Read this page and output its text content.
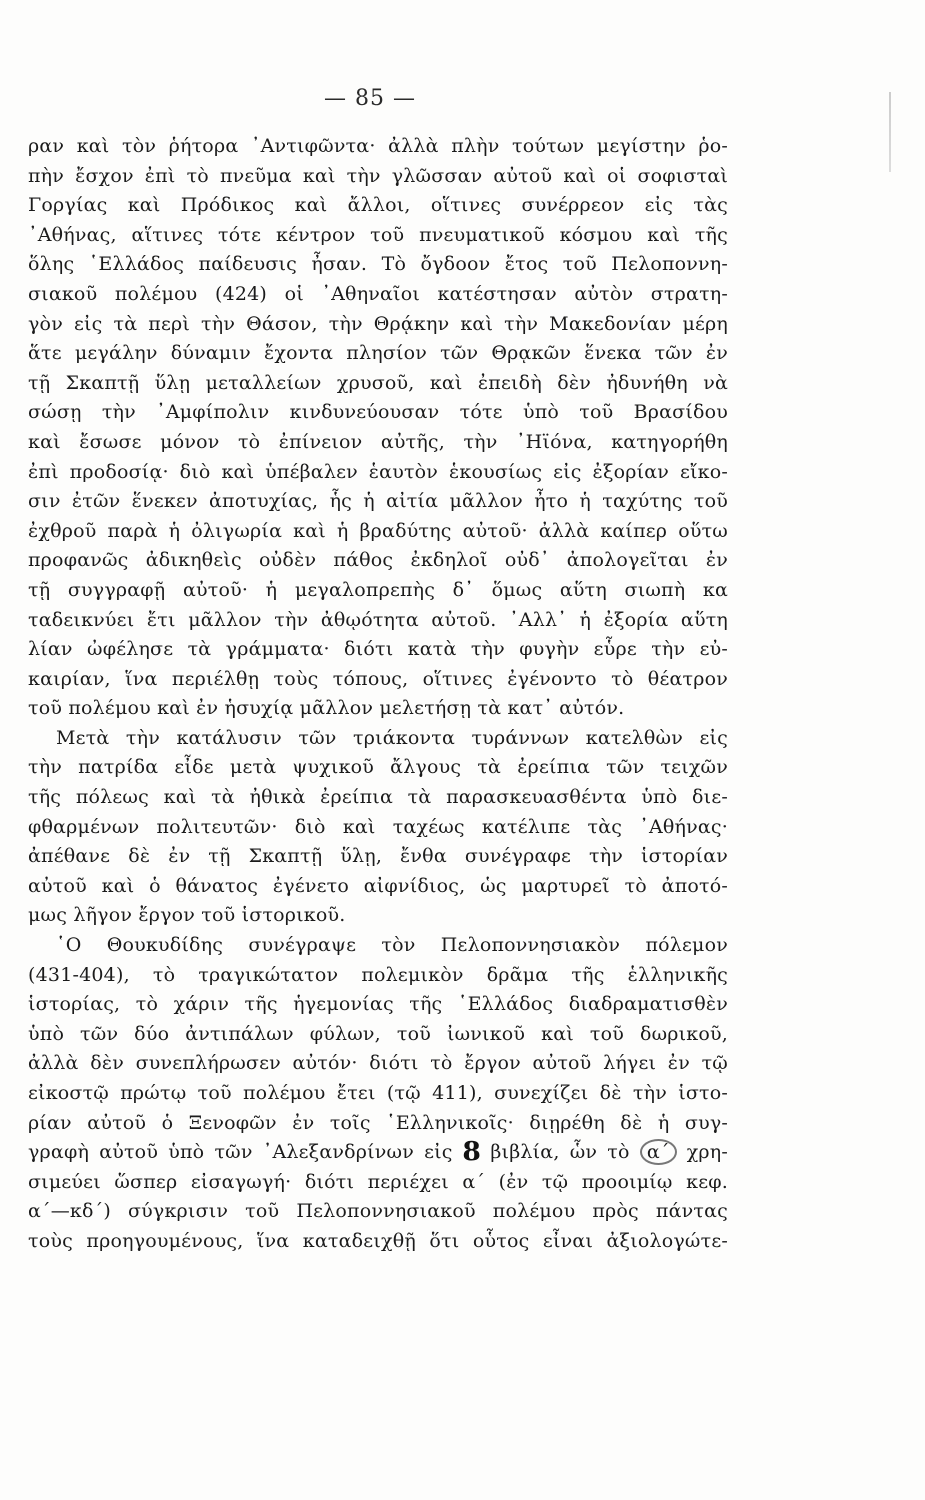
— 85 —
ραν καὶ τὸν ῥήτορα ᾿Αντιφῶντα· ἀλλὰ πλὴν τούτων μεγίστην ῥο-
πὴν ἔσχον ἐπὶ τὸ πνεῦμα καὶ τὴν γλῶσσαν αὐτοῦ καὶ οἱ σοφισταὶ
Γοργίας καὶ Πρόδικος καὶ ἄλλοι, οἵτινες συνέρρεον εἰς τὰς
᾿Αθήνας, αἵτινες τότε κέντρον τοῦ πνευματικοῦ κόσμου καὶ τῆς
ὅλης ῾Ελλάδος παίδευσις ἦσαν. Τὸ ὄγδοον ἔτος τοῦ Πελοποννη-
σιακοῦ πολέμου (424) οἱ ᾿Αθηναῖοι κατέστησαν αὐτὸν στρατη-
γὸν εἰς τὰ περὶ τὴν Θάσον, τὴν Θρᾴκην καὶ τὴν Μακεδονίαν μέρη
ἅτε μεγάλην δύναμιν ἔχοντα πλησίον τῶν Θρᾳκῶν ἕνεκα τῶν ἐν
τῇ Σκαπτῇ ὕλῃ μεταλλείων χρυσοῦ, καὶ ἐπειδὴ δὲν ἠδυνήθη νὰ
σώσῃ τὴν ᾿Αμφίπολιν κινδυνεύουσαν τότε ὑπὸ τοῦ Βρασίδου
καὶ ἔσωσε μόνον τὸ ἐπίνειον αὐτῆς, τὴν ᾿Ηϊόνα, κατηγορήθη
ἐπὶ προδοσίᾳ· διὸ καὶ ὑπέβαλεν ἑαυτὸν ἑκουσίως εἰς ἐξορίαν εἴκο-
σιν ἐτῶν ἕνεκεν ἀποτυχίας, ἧς ἡ αἰτία μᾶλλον ἦτο ἡ ταχύτης τοῦ
ἐχθροῦ παρὰ ἡ ὀλιγωρία καὶ ἡ βραδύτης αὐτοῦ· ἀλλὰ καίπερ οὕτω
προφανῶς ἀδικηθεὶς οὐδὲν πάθος ἐκδηλοῖ οὐδ᾿ ἀπολογεῖται ἐν
τῇ συγγραφῇ αὐτοῦ· ἡ μεγαλοπρεπὴς δ᾿ ὅμως αὕτη σιωπὴ κα
ταδεικνύει ἔτι μᾶλλον τὴν ἀθῳότητα αὐτοῦ. ᾿Αλλ᾿ ἡ ἐξορία αὕτη
λίαν ὠφέλησε τὰ γράμματα· διότι κατὰ τὴν φυγὴν εὗρε τὴν εὐ-
καιρίαν, ἵνα περιέλθῃ τοὺς τόπους, οἵτινες ἐγένοντο τὸ θέατρον
τοῦ πολέμου καὶ ἐν ἡσυχίᾳ μᾶλλον μελετήσῃ τὰ κατ᾿ αὐτόν.
Μετὰ τὴν κατάλυσιν τῶν τριάκοντα τυράννων κατελθὼν εἰς
τὴν πατρίδα εἶδε μετὰ ψυχικοῦ ἄλγους τὰ ἐρείπια τῶν τειχῶν
τῆς πόλεως καὶ τὰ ἠθικὰ ἐρείπια τὰ παρασκευασθέντα ὑπὸ διε-
φθαρμένων πολιτευτῶν· διὸ καὶ ταχέως κατέλιπε τὰς ᾿Αθήνας·
ἀπέθανε δὲ ἐν τῇ Σκαπτῇ ὕλῃ, ἔνθα συνέγραφε τὴν ἱστορίαν
αὐτοῦ καὶ ὁ θάνατος ἐγένετο αἰφνίδιος, ὡς μαρτυρεῖ τὸ ἀποτό-
μως λῆγον ἔργον τοῦ ἱστορικοῦ.
῾Ο Θουκυδίδης συνέγραψε τὸν Πελοποννησιακὸν πόλεμον
(431-404), τὸ τραγικώτατον πολεμικὸν δρᾶμα τῆς ἑλληνικῆς
ἱστορίας, τὸ χάριν τῆς ἡγεμονίας τῆς ῾Ελλάδος διαδραματισθὲν
ὑπὸ τῶν δύο ἀντιπάλων φύλων, τοῦ ἰωνικοῦ καὶ τοῦ δωρικοῦ,
ἀλλὰ δὲν συνεπλήρωσεν αὐτόν· διότι τὸ ἔργον αὐτοῦ λήγει ἐν τῷ
εἰκοστῷ πρώτῳ τοῦ πολέμου ἔτει (τῷ 411), συνεχίζει δὲ τὴν ἱστο-
ρίαν αὐτοῦ ὁ Ξενοφῶν ἐν τοῖς ῾Ελληνικοῖς· διῃρέθη δὲ ἡ συγ-
γραφὴ αὐτοῦ ὑπὸ τῶν ᾿Αλεξανδρίνων εἰς 8 βιβλία, ὧν τὸ α΄ χρη-
σιμεύει ὥσπερ εἰσαγωγή· διότι περιέχει α΄ (ἐν τῷ προοιμίῳ κεφ.
α΄—κδ΄) σύγκρισιν τοῦ Πελοποννησιακοῦ πολέμου πρὸς πάντας
τοὺς προηγουμένους, ἵνα καταδειχθῇ ὅτι οὗτος εἶναι ἀξιολογώτε-
